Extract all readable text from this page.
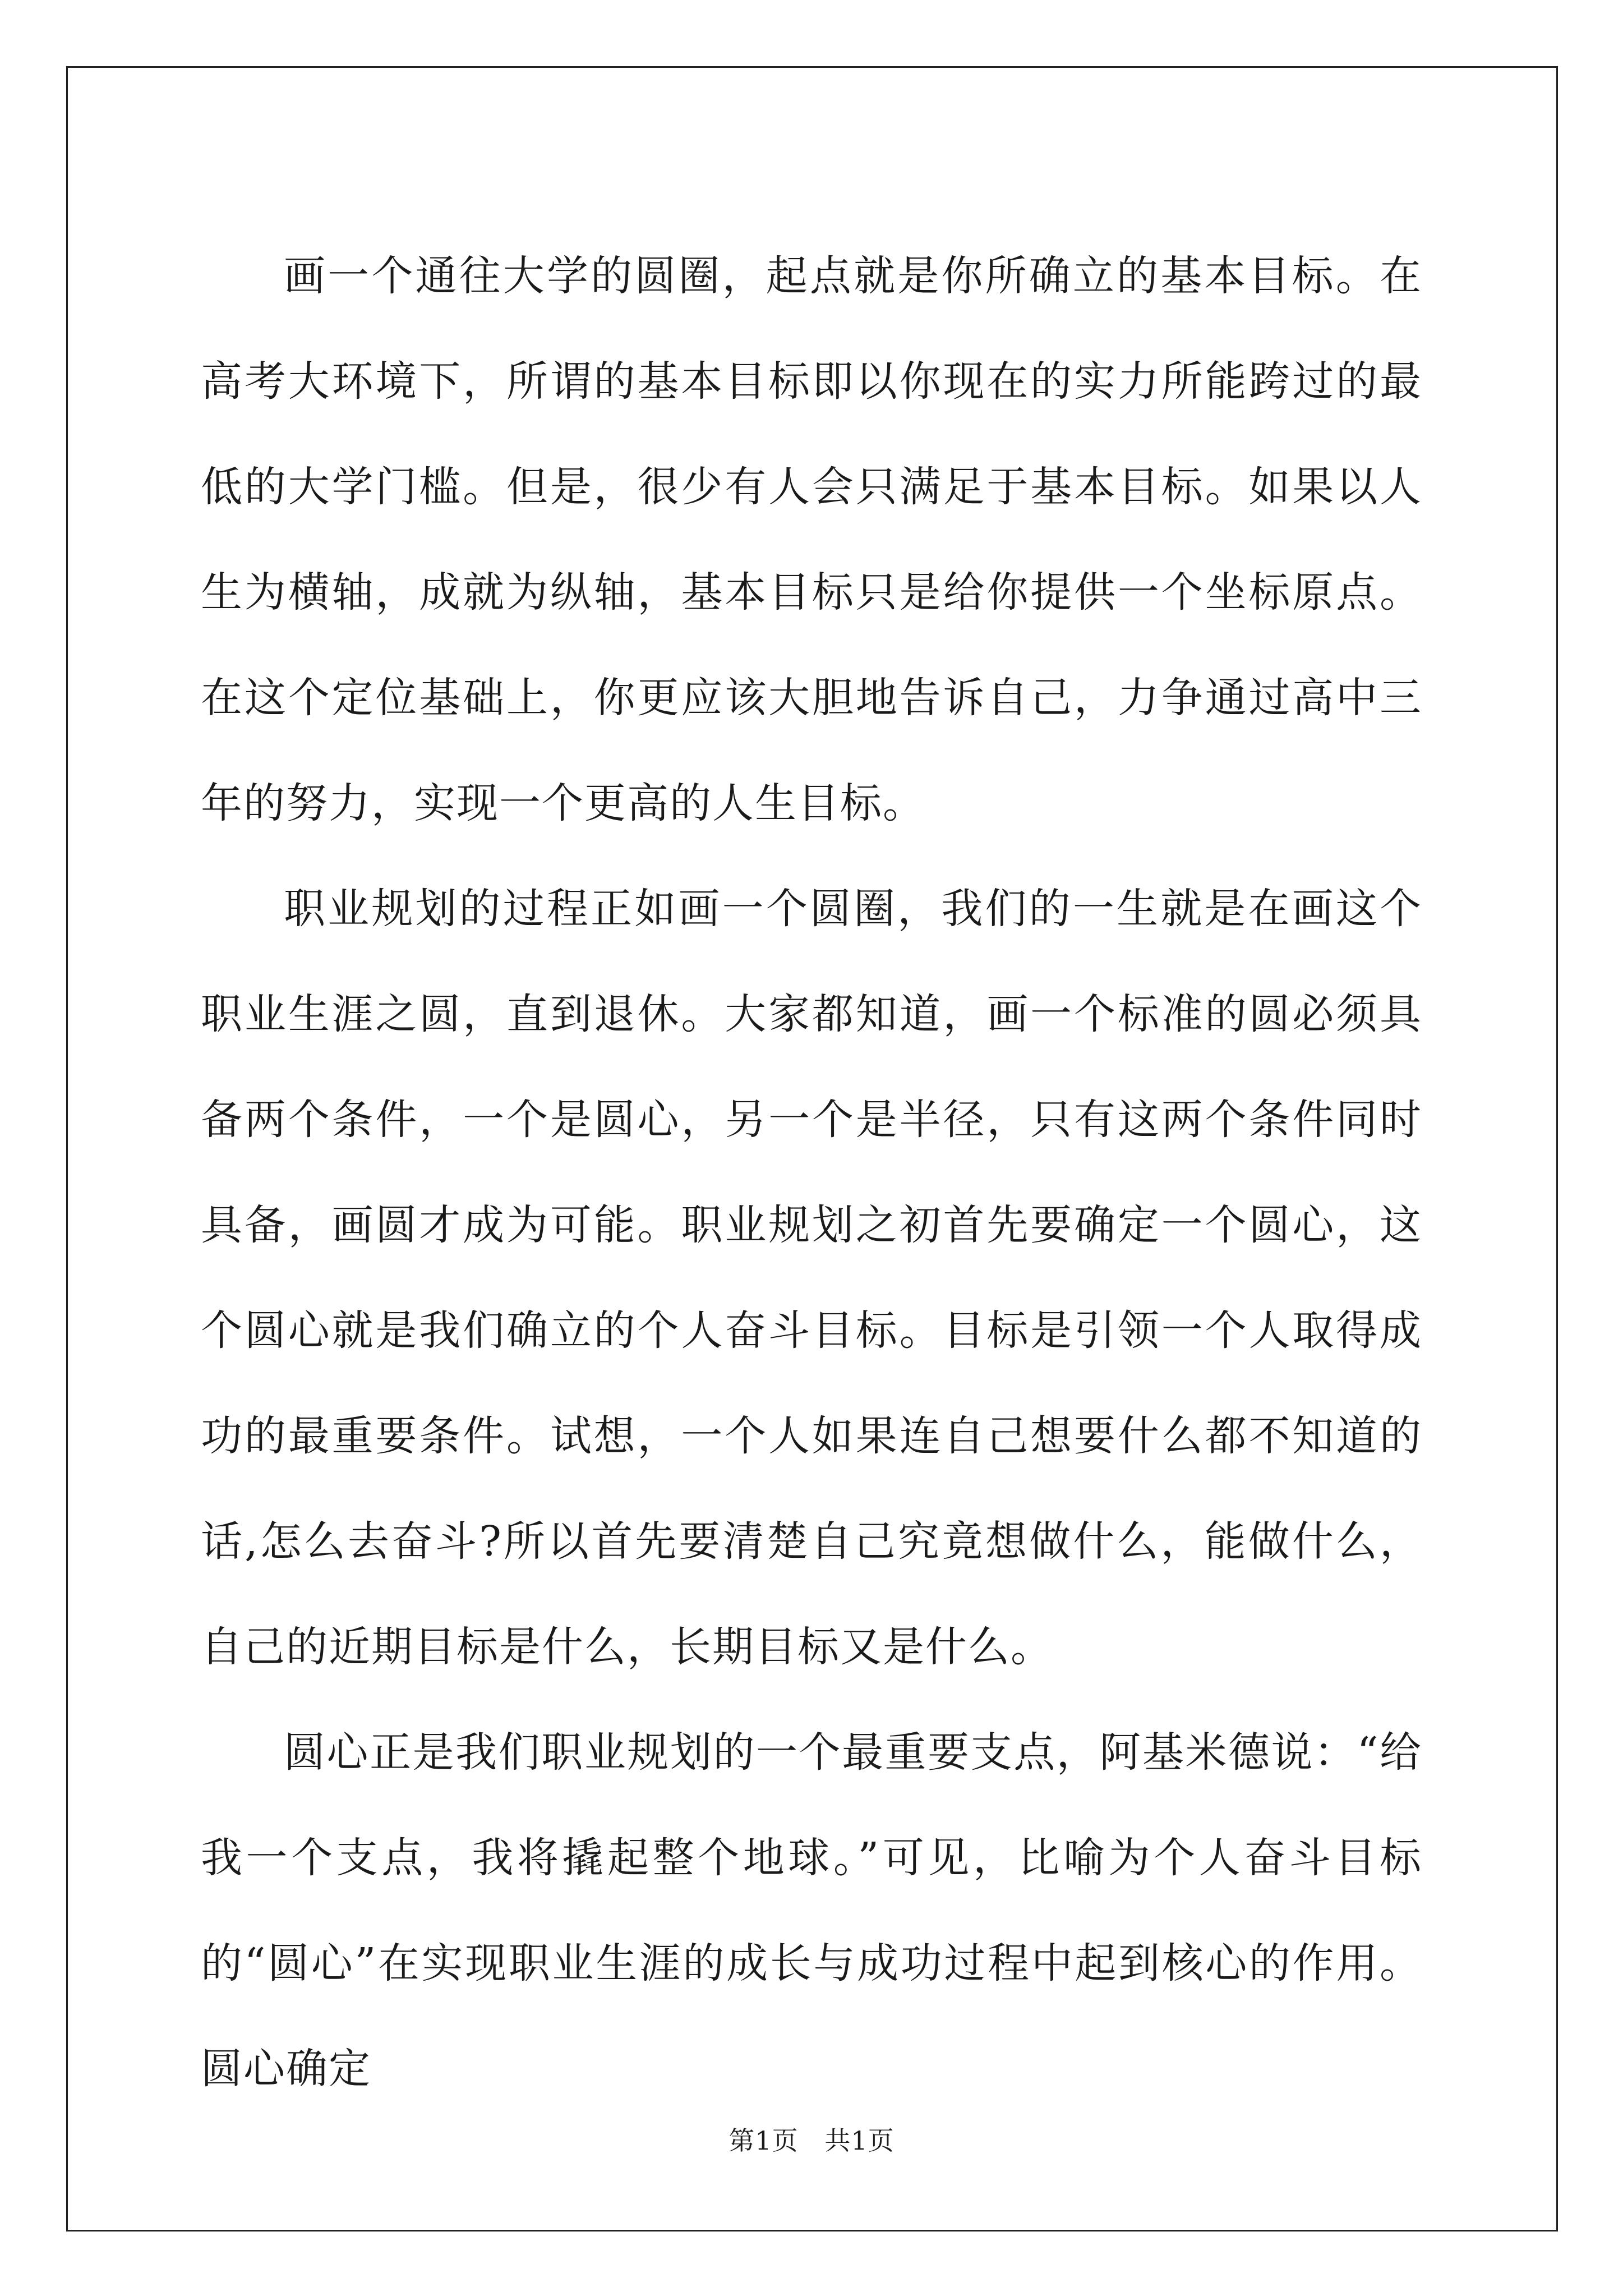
画一个通往大学的圆圈，起点就是你所确立的基本目标。在高考大环境下，所谓的基本目标即以你现在的实力所能跨过的最低的大学门槛。但是，很少有人会只满足于基本目标。如果以人生为横轴，成就为纵轴，基本目标只是给你提供一个坐标原点。在这个定位基础上，你更应该大胆地告诉自己，力争通过高中三年的努力，实现一个更高的人生目标。

职业规划的过程正如画一个圆圈，我们的一生就是在画这个职业生涯之圆，直到退休。大家都知道，画一个标准的圆必须具备两个条件，一个是圆心，另一个是半径，只有这两个条件同时具备，画圆才成为可能。职业规划之初首先要确定一个圆心，这个圆心就是我们确立的个人奋斗目标。目标是引领一个人取得成功的最重要条件。试想，一个人如果连自己想要什么都不知道的话,怎么去奋斗?所以首先要清楚自己究竟想做什么，能做什么，自己的近期目标是什么，长期目标又是什么。

圆心正是我们职业规划的一个最重要支点，阿基米德说：“给我一个支点，我将撬起整个地球。”可见，比喻为个人奋斗目标的“圆心”在实现职业生涯的成长与成功过程中起到核心的作用。圆心确定

第1页   共1页
